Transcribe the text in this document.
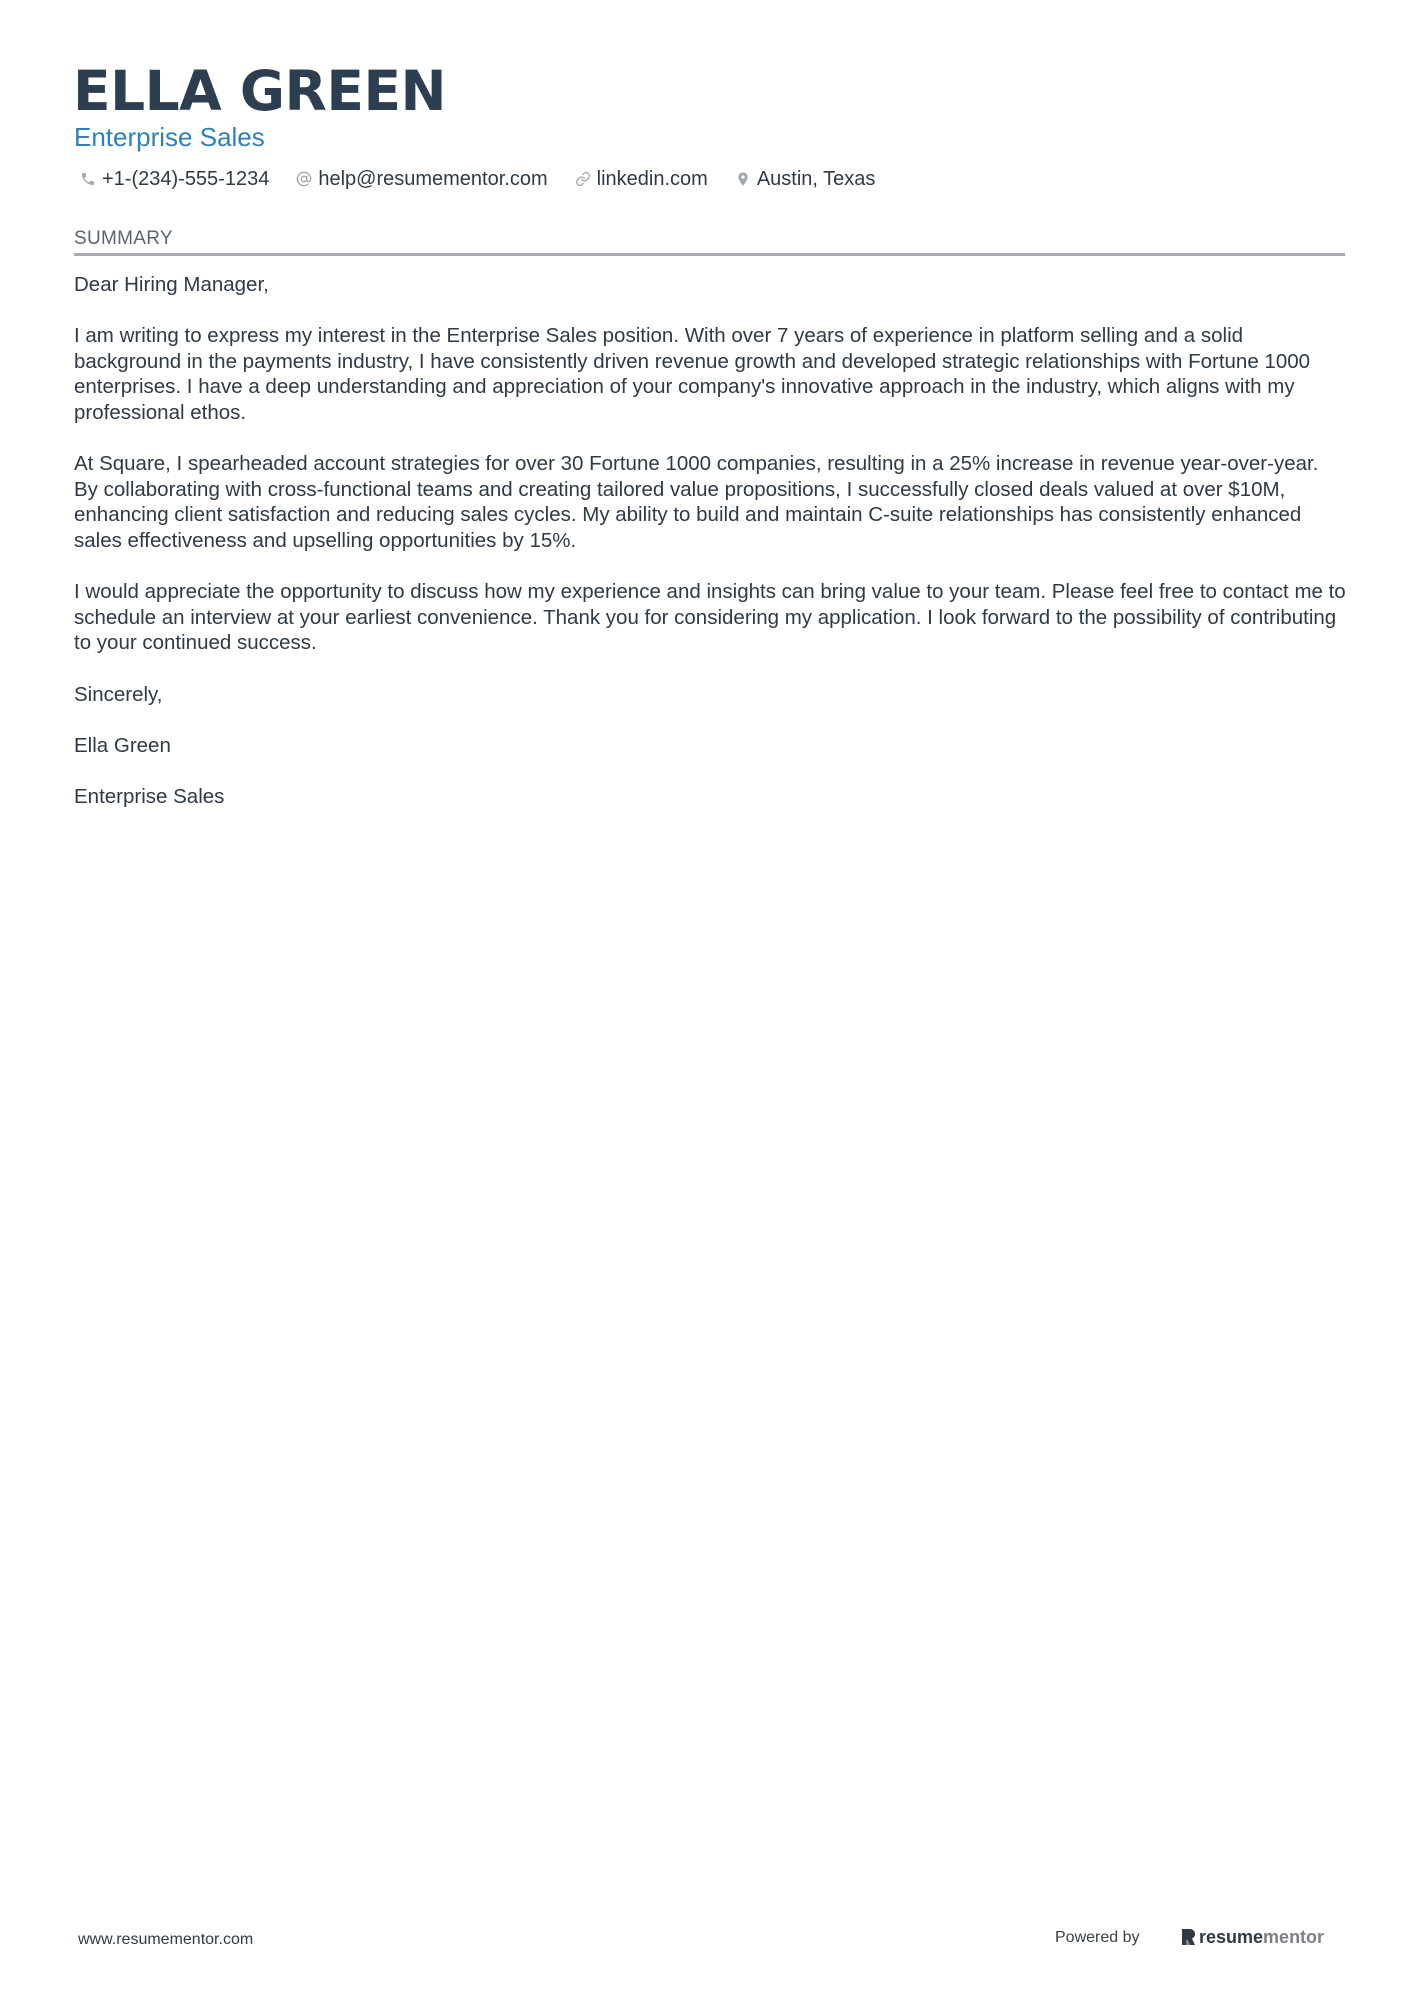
ELLA GREEN
Enterprise Sales
+1-(234)-555-1234 help@resumementor.com linkedin.com Austin, Texas
SUMMARY

Dear Hiring Manager,

I am writing to express my interest in the Enterprise Sales position. With over 7 years of experience in platform selling and a solid background in the payments industry, I have consistently driven revenue growth and developed strategic relationships with Fortune 1000 enterprises. I have a deep understanding and appreciation of your company's innovative approach in the industry, which aligns with my professional ethos.

At Square, I spearheaded account strategies for over 30 Fortune 1000 companies, resulting in a 25% increase in revenue year-over-year. By collaborating with cross-functional teams and creating tailored value propositions, I successfully closed deals valued at over $10M, enhancing client satisfaction and reducing sales cycles. My ability to build and maintain C-suite relationships has consistently enhanced sales effectiveness and upselling opportunities by 15%.

I would appreciate the opportunity to discuss how my experience and insights can bring value to your team. Please feel free to contact me to schedule an interview at your earliest convenience. Thank you for considering my application. I look forward to the possibility of contributing to your continued success.

Sincerely,

Ella Green

Enterprise Sales

www.resumementor.com	Powered by	resume mentor
